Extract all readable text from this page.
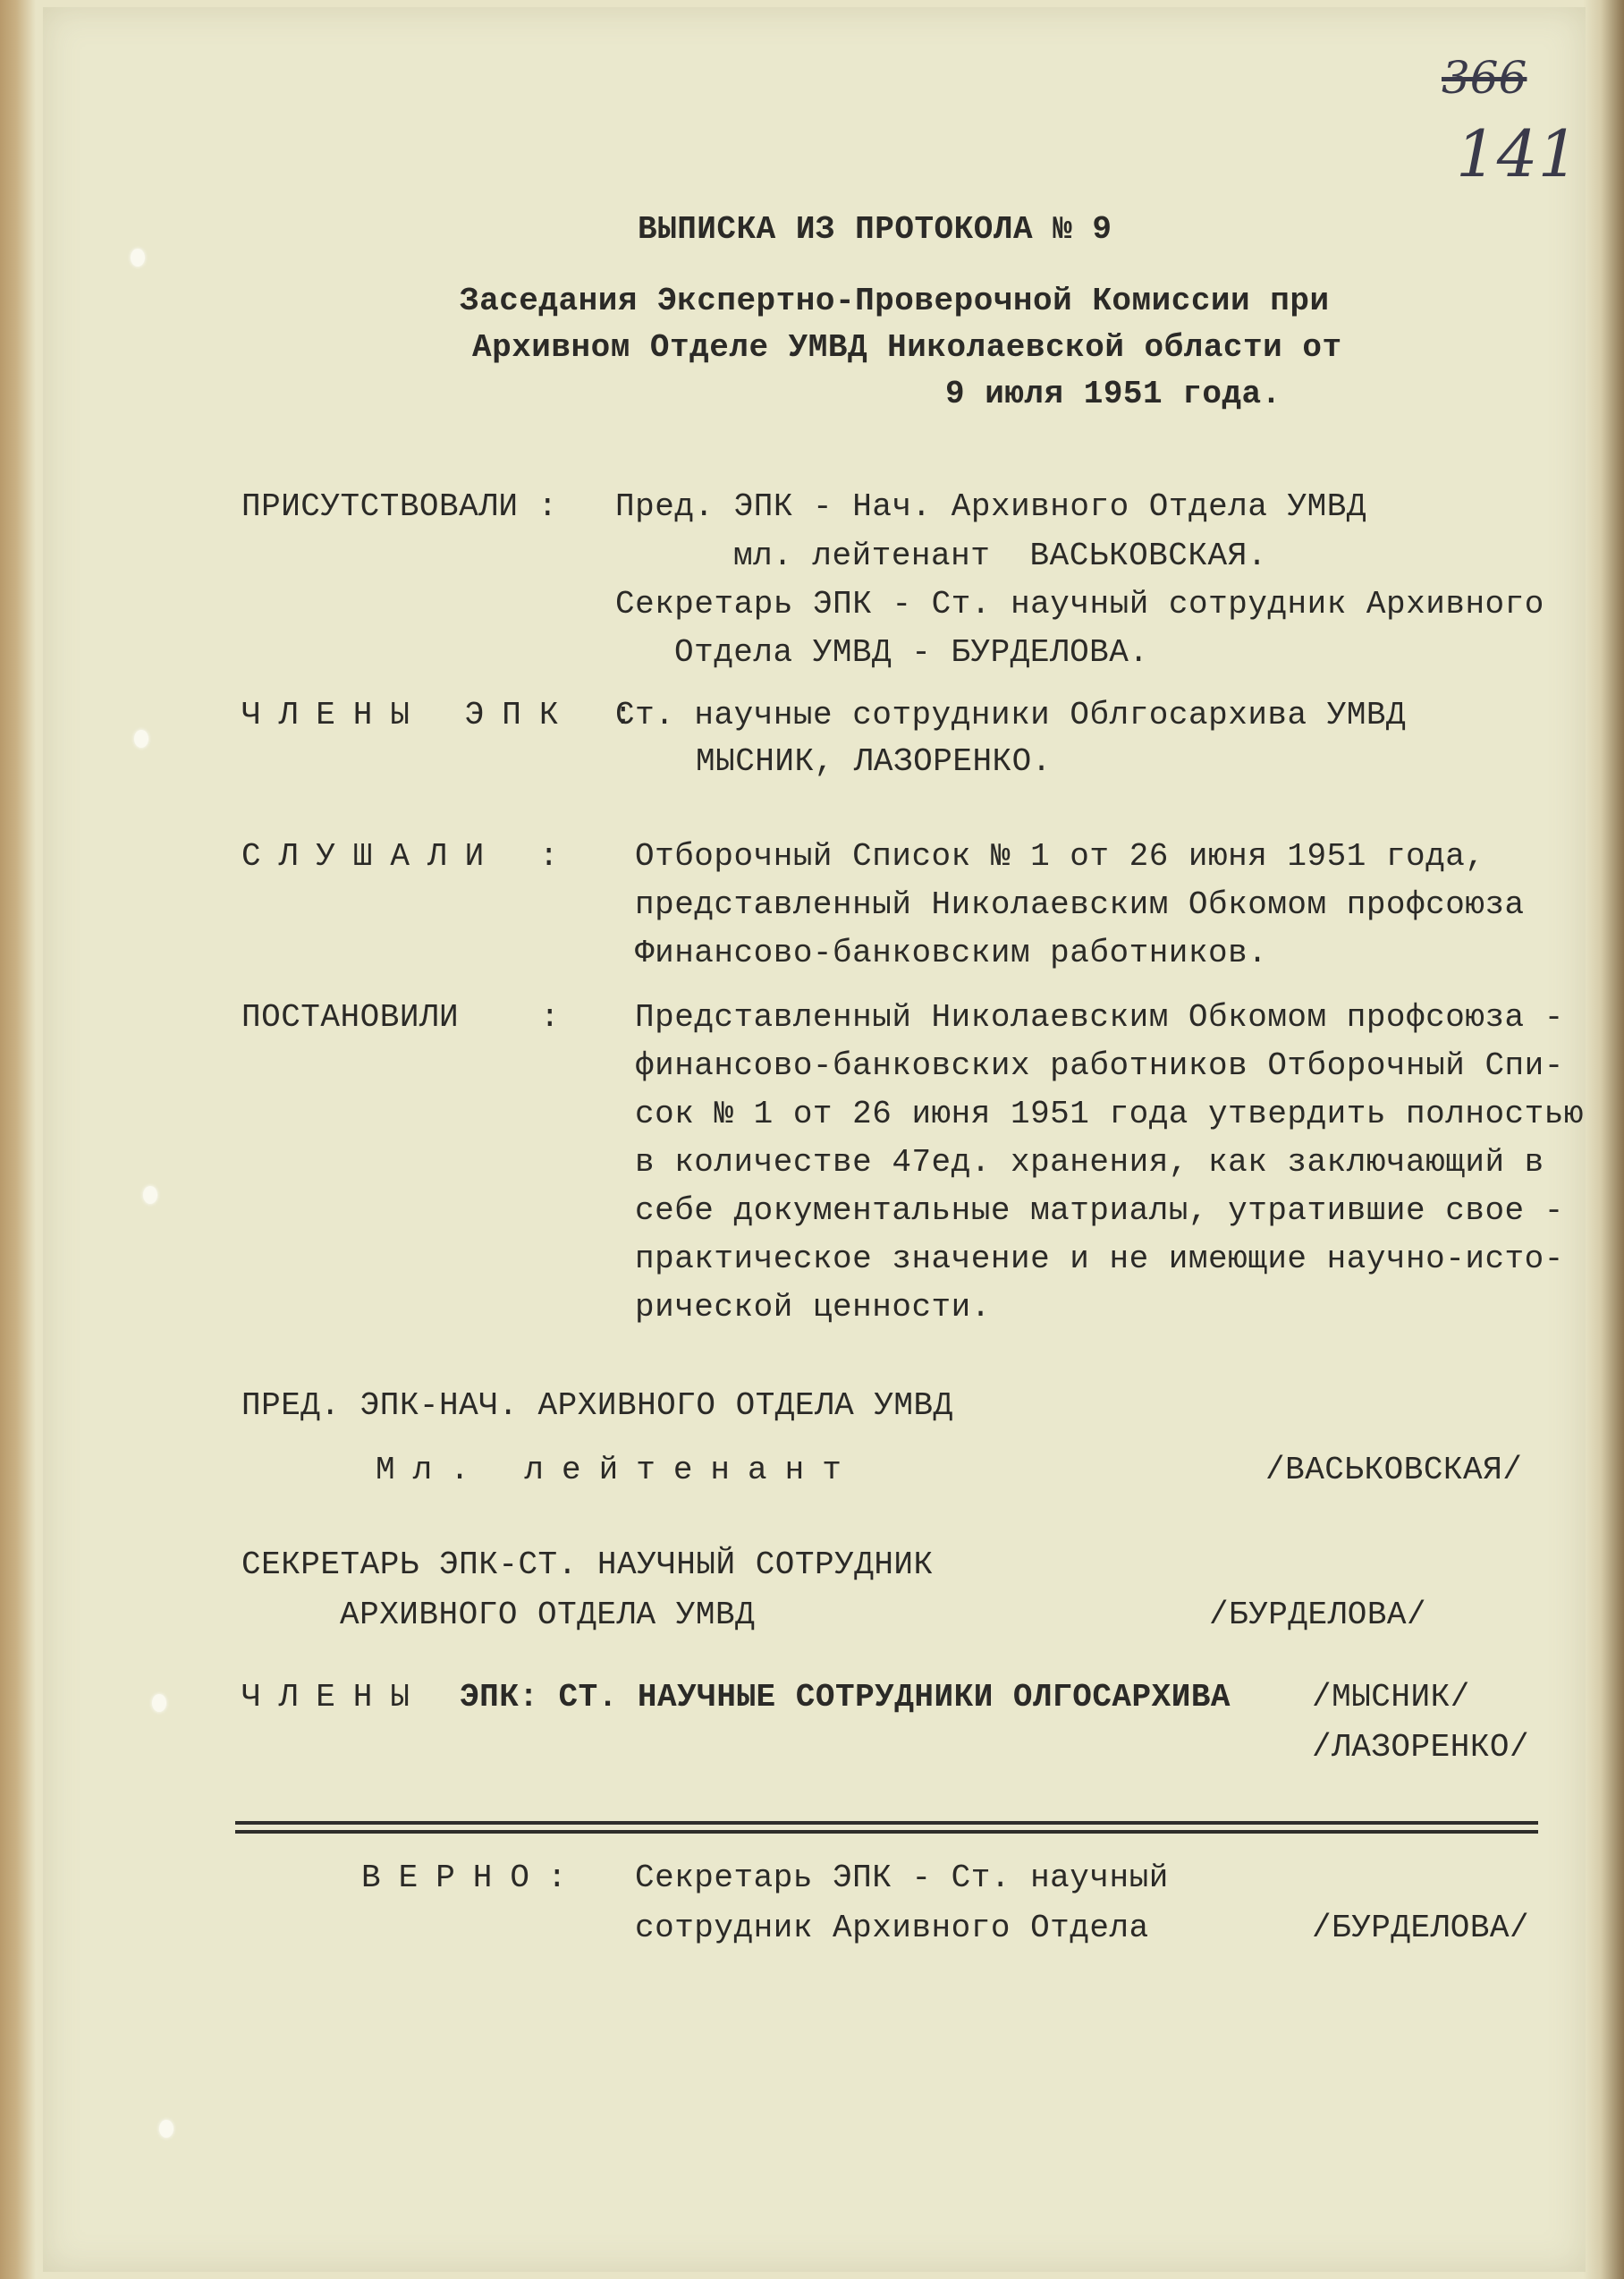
366
141
ВЫПИСКА ИЗ ПРОТОКОЛА № 9
Заседания Экспертно-Проверочной Комиссии при
Архивном Отделе УМВД Николаевской области от
9 июля 1951 года.
ПРИСУТСТВОВАЛИ : Пред. ЭПК - Нач. Архивного Отдела УМВД
мл. лейтенант  ВАСЬКОВСКАЯ.
Секретарь ЭПК - Ст. научный сотрудник Архивного
Отдела УМВД - БУРДЕЛОВА.
ЧЛЕНЫ ЭПК :
Ст. научные сотрудники Облгосархива УМВД
МЫСНИК, ЛАЗОРЕНКО.
СЛУШАЛИ : Отборочный Список № 1 от 26 июня 1951 года,
представленный Николаевским Обкомом профсоюза
Финансово-банковским работников.
ПОСТАНОВИЛИ	: Представленный Николаевским Обкомом профсоюза -
финансово-банковских работников Отборочный Спи-
сок № 1 от 26 июня 1951 года утвердить полностью
в количестве 47ед. хранения, как заключающий в
себе документальные матриалы, утратившие свое -
практическое значение и не имеющие научно-исто-
рической ценности.
ПРЕД. ЭПК-НАЧ. АРХИВНОГО ОТДЕЛА УМВД
Мл. лейтенант	/ВАСЬКОВСКАЯ/
СЕКРЕТАРЬ ЭПК-СТ. НАУЧНЫЙ СОТРУДНИК
АРХИВНОГО ОТДЕЛА УМВД	/БУРДЕЛОВА/
ЧЛЕНЫ ЭПК: СТ. НАУЧНЫЕ СОТРУДНИКИ ОЛГОСАРХИВА	/МЫСНИК/
/ЛАЗОРЕНКО/
ВЕРНО: Секретарь ЭПК - Ст. научный
сотрудник Архивного Отдела	/БУРДЕЛОВА/
